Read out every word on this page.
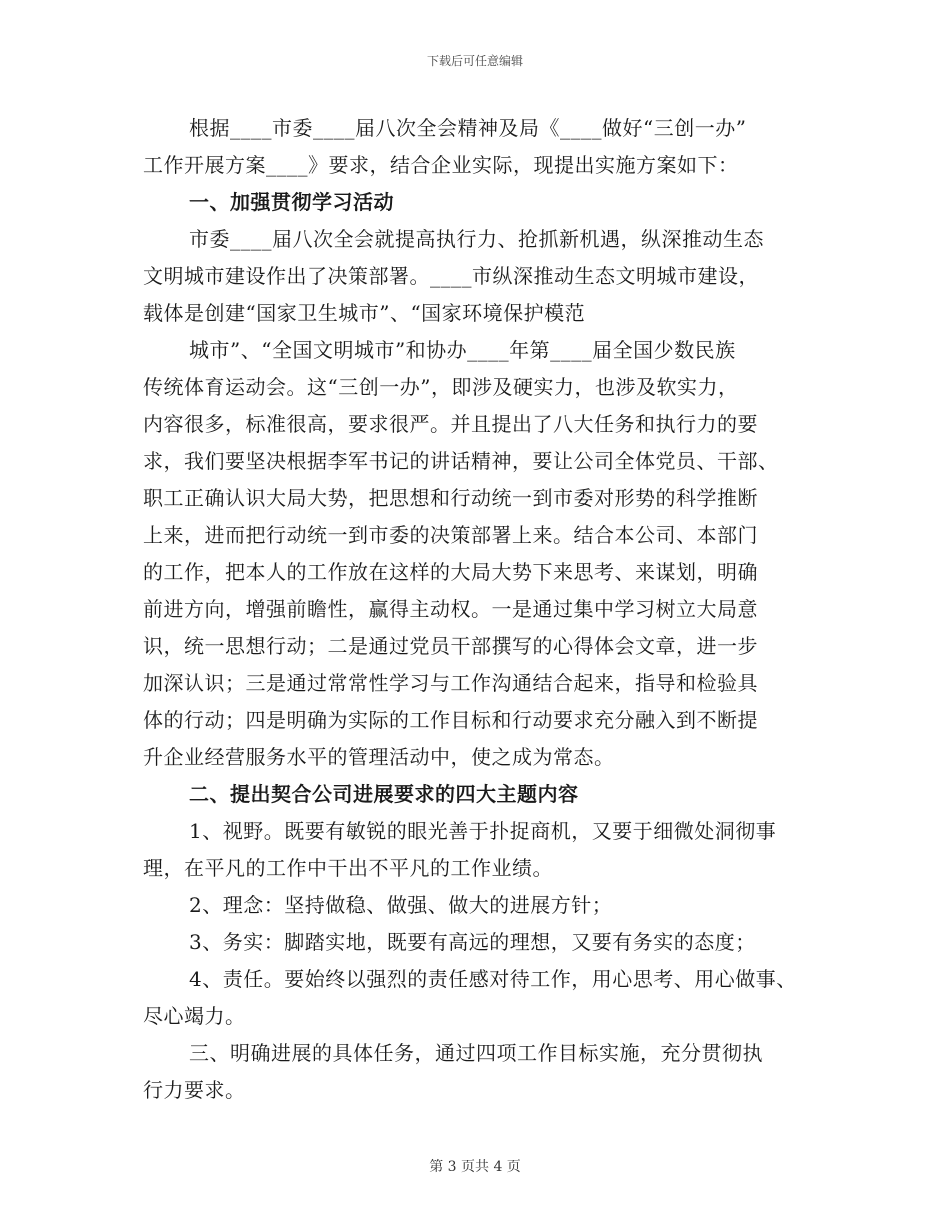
下载后可任意编辑
根据____市委____届八次全会精神及局《____做好“三创一办”
工作开展方案____》要求，结合企业实际，现提出实施方案如下：
一、加强贯彻学习活动
市委____届八次全会就提高执行力、抢抓新机遇，纵深推动生态
文明城市建设作出了决策部署。____市纵深推动生态文明城市建设，
载体是创建“国家卫生城市”、“国家环境保护模范
城市”、“全国文明城市”和协办____年第____届全国少数民族
传统体育运动会。这“三创一办”，即涉及硬实力，也涉及软实力，
内容很多，标准很高，要求很严。并且提出了八大任务和执行力的要
求，我们要坚决根据李军书记的讲话精神，要让公司全体党员、干部、
职工正确认识大局大势，把思想和行动统一到市委对形势的科学推断
上来，进而把行动统一到市委的决策部署上来。结合本公司、本部门
的工作，把本人的工作放在这样的大局大势下来思考、来谋划，明确
前进方向，增强前瞻性，赢得主动权。一是通过集中学习树立大局意
识，统一思想行动；二是通过党员干部撰写的心得体会文章，进一步
加深认识；三是通过常常性学习与工作沟通结合起来，指导和检验具
体的行动；四是明确为实际的工作目标和行动要求充分融入到不断提
升企业经营服务水平的管理活动中，使之成为常态。
二、提出契合公司进展要求的四大主题内容
1、视野。既要有敏锐的眼光善于扑捉商机，又要于细微处洞彻事
理，在平凡的工作中干出不平凡的工作业绩。
2、理念：坚持做稳、做强、做大的进展方针；
3、务实：脚踏实地，既要有高远的理想，又要有务实的态度；
4、责任。要始终以强烈的责任感对待工作，用心思考、用心做事、
尽心竭力。
三、明确进展的具体任务，通过四项工作目标实施，充分贯彻执
行力要求。
第 3 页共 4 页
